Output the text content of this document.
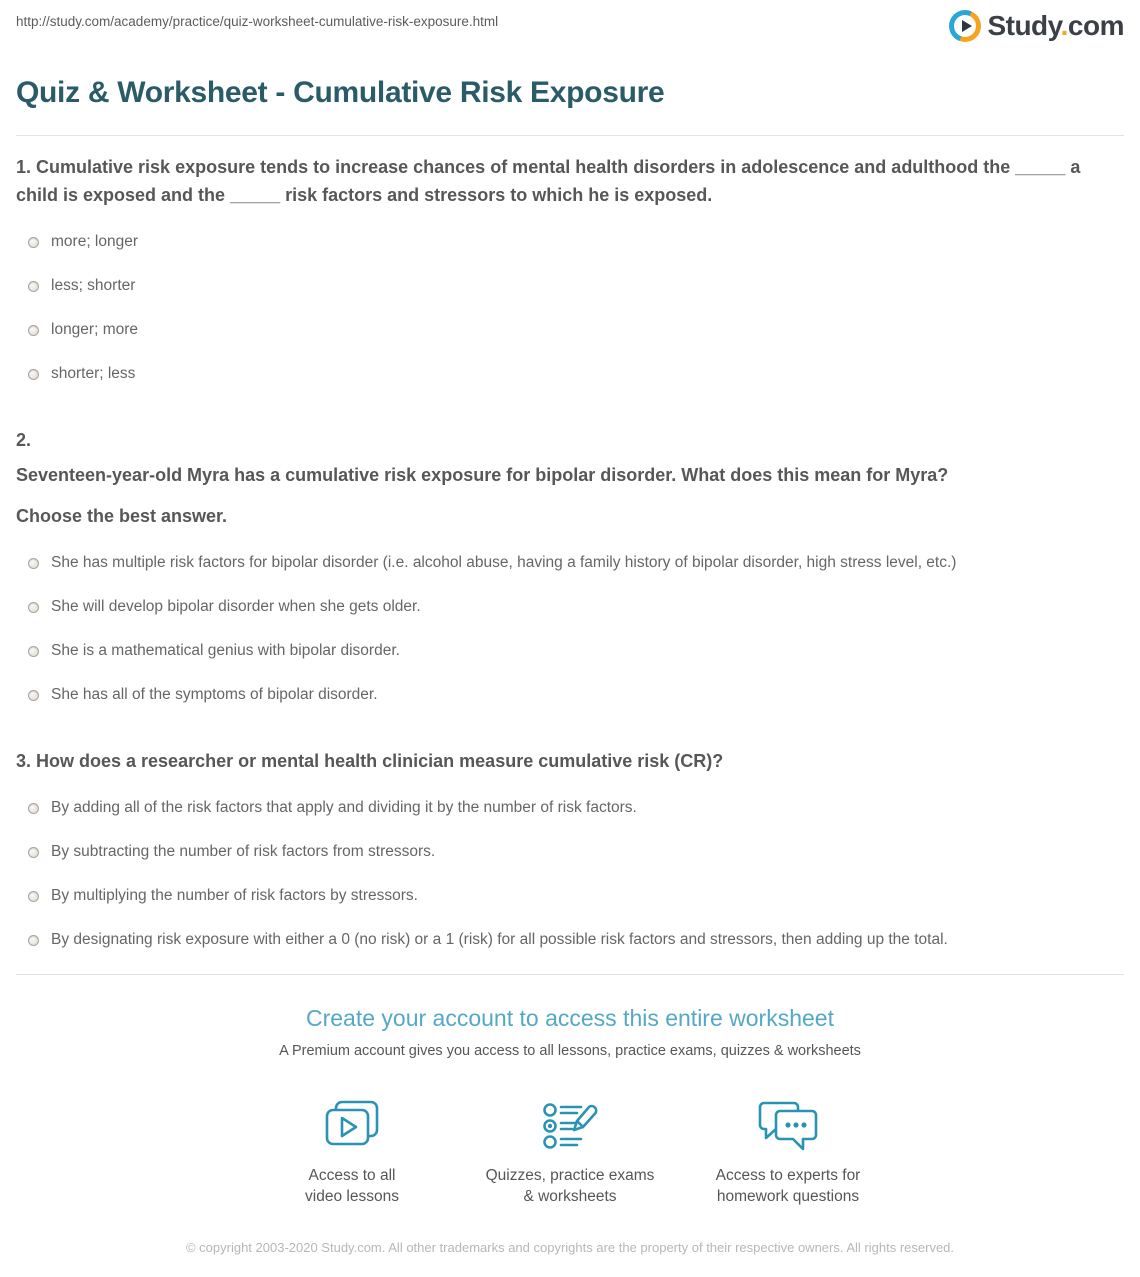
http://study.com/academy/practice/quiz-worksheet-cumulative-risk-exposure.html	Study.com
Quiz & Worksheet - Cumulative Risk Exposure

1. Cumulative risk exposure tends to increase chances of mental health disorders in adolescence and adulthood the _____ a child is exposed and the _____ risk factors and stressors to which he is exposed.

more; longer
less; shorter
longer; more
shorter; less

2.

Seventeen-year-old Myra has a cumulative risk exposure for bipolar disorder. What does this mean for Myra?

Choose the best answer.

She has multiple risk factors for bipolar disorder (i.e. alcohol abuse, having a family history of bipolar disorder, high stress level, etc.)
She will develop bipolar disorder when she gets older.
She is a mathematical genius with bipolar disorder.
She has all of the symptoms of bipolar disorder.

3. How does a researcher or mental health clinician measure cumulative risk (CR)?

By adding all of the risk factors that apply and dividing it by the number of risk factors.
By subtracting the number of risk factors from stressors.
By multiplying the number of risk factors by stressors.
By designating risk exposure with either a 0 (no risk) or a 1 (risk) for all possible risk factors and stressors, then adding up the total.
Create your account to access this entire worksheet
A Premium account gives you access to all lessons, practice exams, quizzes & worksheets
Access to all
video lessons
Quizzes, practice exams
& worksheets
Access to experts for
homework questions
© copyright 2003-2020 Study.com. All other trademarks and copyrights are the property of their respective owners. All rights reserved.
